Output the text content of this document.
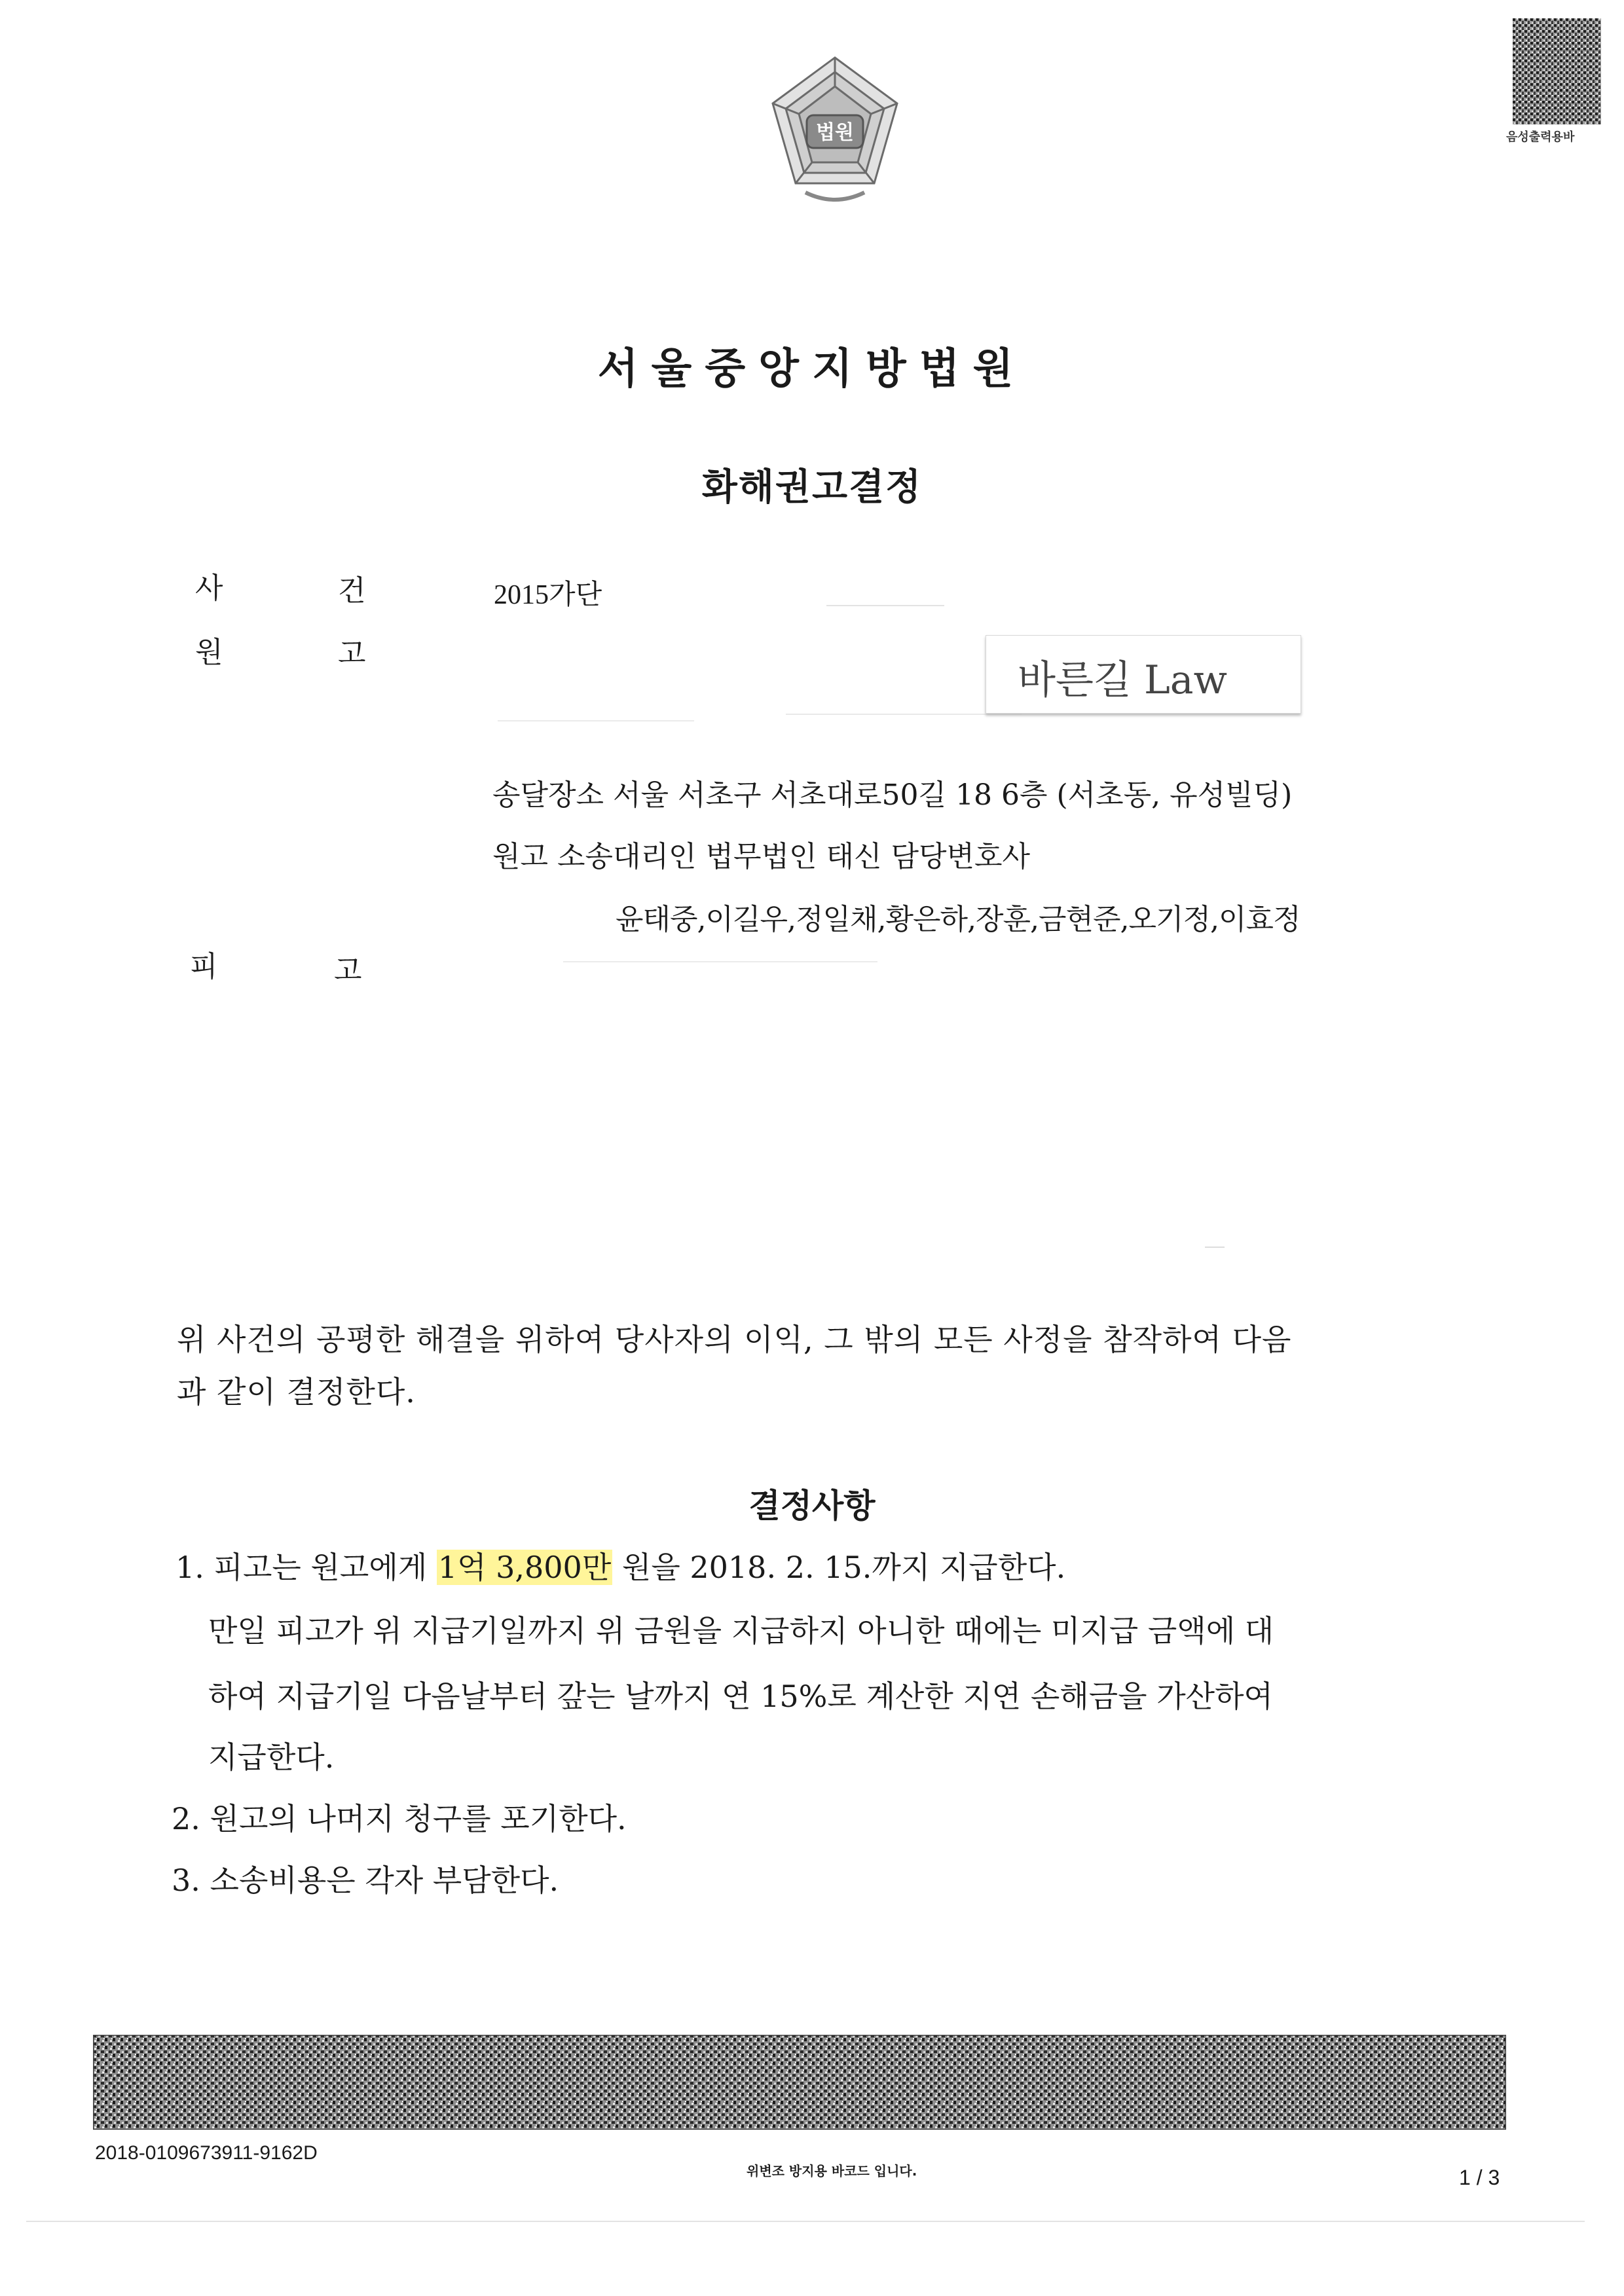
법원	음성출력용바
서울중앙지방법원
화해권고결정
사	건	2015가단
원	고
바른길 Law
송달장소 서울 서초구 서초대로50길 18 6층 (서초동, 유성빌딩)
원고 소송대리인 법무법인 태신 담당변호사
윤태중,이길우,정일채,황은하,장훈,금현준,오기정,이효정
피	고
위 사건의 공평한 해결을 위하여 당사자의 이익, 그 밖의 모든 사정을 참작하여 다음
과 같이 결정한다.
결정사항
1. 피고는 원고에게 1억 3,800만 원을 2018. 2. 15.까지 지급한다.
만일 피고가 위 지급기일까지 위 금원을 지급하지 아니한 때에는 미지급 금액에 대
하여 지급기일 다음날부터 갚는 날까지 연 15%로 계산한 지연 손해금을 가산하여
지급한다.
2. 원고의 나머지 청구를 포기한다.
3. 소송비용은 각자 부담한다.
2018-0109673911-9162D
위변조 방지용 바코드 입니다.	1 / 3
